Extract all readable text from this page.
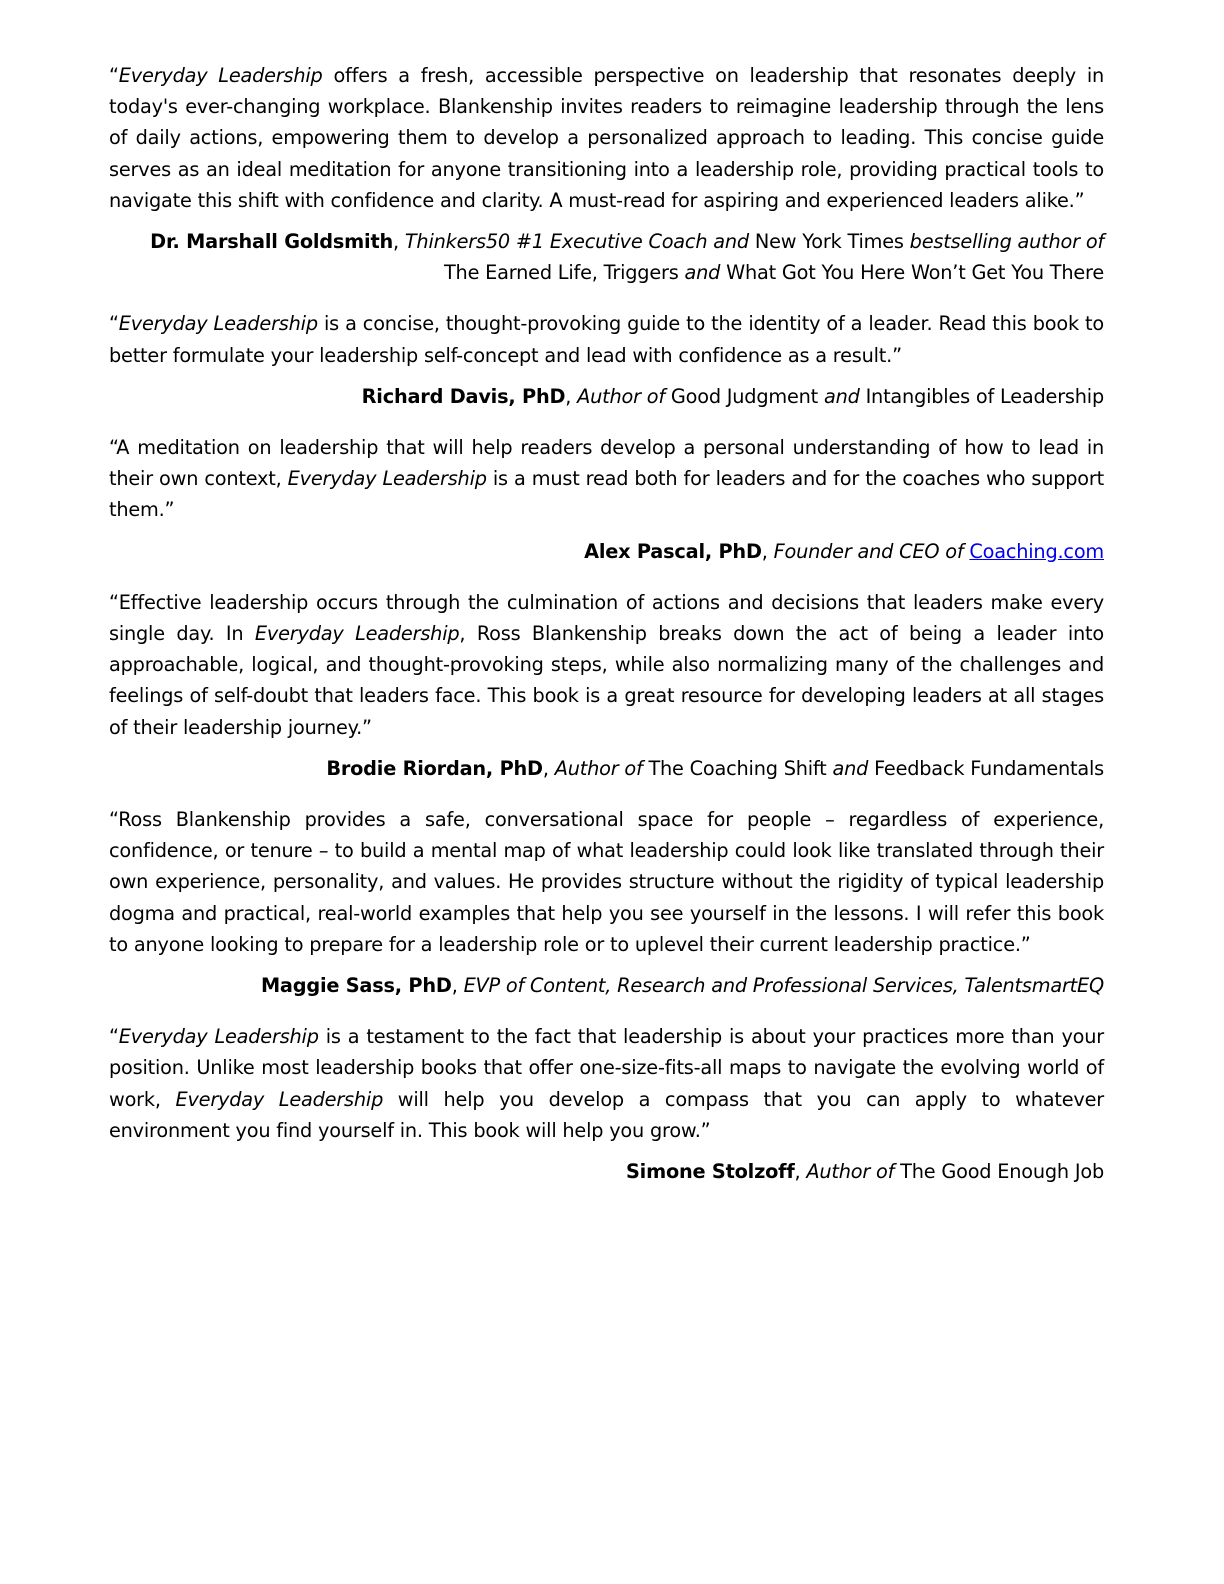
“Everyday Leadership offers a fresh, accessible perspective on leadership that resonates deeply in today's ever-changing workplace. Blankenship invites readers to reimagine leadership through the lens of daily actions, empowering them to develop a personalized approach to leading. This concise guide serves as an ideal meditation for anyone transitioning into a leadership role, providing practical tools to navigate this shift with confidence and clarity. A must-read for aspiring and experienced leaders alike.”

Dr. Marshall Goldsmith, Thinkers50 #1 Executive Coach and New York Times bestselling author of The Earned Life, Triggers and What Got You Here Won’t Get You There

“Everyday Leadership is a concise, thought-provoking guide to the identity of a leader. Read this book to better formulate your leadership self-concept and lead with confidence as a result.”

Richard Davis, PhD, Author of Good Judgment and Intangibles of Leadership

“A meditation on leadership that will help readers develop a personal understanding of how to lead in their own context, Everyday Leadership is a must read both for leaders and for the coaches who support them.”

Alex Pascal, PhD, Founder and CEO of Coaching.com

“Effective leadership occurs through the culmination of actions and decisions that leaders make every single day. In Everyday Leadership, Ross Blankenship breaks down the act of being a leader into approachable, logical, and thought-provoking steps, while also normalizing many of the challenges and feelings of self-doubt that leaders face. This book is a great resource for developing leaders at all stages of their leadership journey.”

Brodie Riordan, PhD, Author of The Coaching Shift and Feedback Fundamentals

“Ross Blankenship provides a safe, conversational space for people – regardless of experience, confidence, or tenure – to build a mental map of what leadership could look like translated through their own experience, personality, and values. He provides structure without the rigidity of typical leadership dogma and practical, real-world examples that help you see yourself in the lessons. I will refer this book to anyone looking to prepare for a leadership role or to uplevel their current leadership practice.”

Maggie Sass, PhD, EVP of Content, Research and Professional Services, TalentsmartEQ

“Everyday Leadership is a testament to the fact that leadership is about your practices more than your position. Unlike most leadership books that offer one-size-fits-all maps to navigate the evolving world of work, Everyday Leadership will help you develop a compass that you can apply to whatever environment you find yourself in. This book will help you grow.”

Simone Stolzoff, Author of The Good Enough Job
